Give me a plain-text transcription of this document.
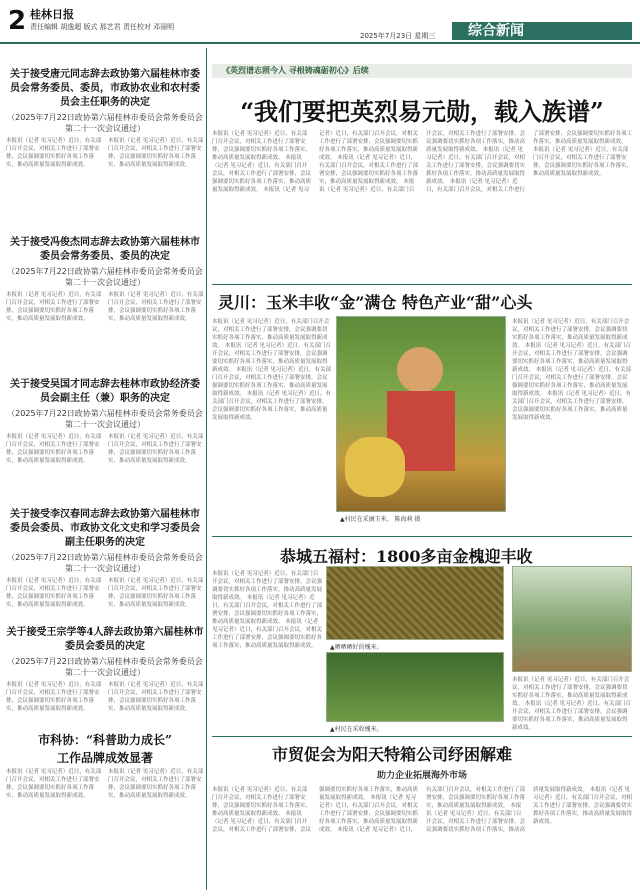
2 桂林日报
责任编辑 胡逸超 版式 那艺君 责任校对 邓丽明
2025年7月23日 星期三	综合新闻
关于接受唐元同志辞去政协第六届桂林市委员会常务委员、委员，市政协农业和农村委员会主任职务的决定
（2025年7月22日政协第六届桂林市委员会常务委员会第二十一次会议通过）
本报讯（记者 见习记者）近日，有关部门召开会议，对相关工作进行了部署安排，会议强调要切实抓好各项工作落实，推动高质量发展取得新成效。
本报讯（记者 见习记者）近日，有关部门召开会议，对相关工作进行了部署安排，会议强调要切实抓好各项工作落实，推动高质量发展取得新成效。
关于接受冯俊杰同志辞去政协第六届桂林市委员会常务委员、委员的决定
（2025年7月22日政协第六届桂林市委员会常务委员会第二十一次会议通过）
本报讯（记者 见习记者）近日，有关部门召开会议，对相关工作进行了部署安排，会议强调要切实抓好各项工作落实，推动高质量发展取得新成效。
本报讯（记者 见习记者）近日，有关部门召开会议，对相关工作进行了部署安排，会议强调要切实抓好各项工作落实，推动高质量发展取得新成效。
关于接受吴国才同志辞去桂林市政协经济委员会副主任（兼）职务的决定
（2025年7月22日政协第六届桂林市委员会常务委员会第二十一次会议通过）
本报讯（记者 见习记者）近日，有关部门召开会议，对相关工作进行了部署安排，会议强调要切实抓好各项工作落实，推动高质量发展取得新成效。
本报讯（记者 见习记者）近日，有关部门召开会议，对相关工作进行了部署安排，会议强调要切实抓好各项工作落实，推动高质量发展取得新成效。
关于接受李汉春同志辞去政协第六届桂林市委员会委员、市政协文化文史和学习委员会副主任职务的决定
（2025年7月22日政协第六届桂林市委员会常务委员会第二十一次会议通过）
本报讯（记者 见习记者）近日，有关部门召开会议，对相关工作进行了部署安排，会议强调要切实抓好各项工作落实，推动高质量发展取得新成效。
本报讯（记者 见习记者）近日，有关部门召开会议，对相关工作进行了部署安排，会议强调要切实抓好各项工作落实，推动高质量发展取得新成效。
关于接受王宗学等4人辞去政协第六届桂林市委员会委员的决定
（2025年7月22日政协第六届桂林市委员会常务委员会第二十一次会议通过）
本报讯（记者 见习记者）近日，有关部门召开会议，对相关工作进行了部署安排，会议强调要切实抓好各项工作落实，推动高质量发展取得新成效。
本报讯（记者 见习记者）近日，有关部门召开会议，对相关工作进行了部署安排，会议强调要切实抓好各项工作落实，推动高质量发展取得新成效。
市科协：“科普助力成长”
工作品牌成效显著
本报讯（记者 见习记者）近日，有关部门召开会议，对相关工作进行了部署安排，会议强调要切实抓好各项工作落实，推动高质量发展取得新成效。
本报讯（记者 见习记者）近日，有关部门召开会议，对相关工作进行了部署安排，会议强调要切实抓好各项工作落实，推动高质量发展取得新成效。
《英烈谱志照今人 寻根铸魂砺初心》后续
“我们要把英烈易元勋，载入族谱”
本报讯（记者 见习记者）近日，有关部门召开会议，对相关工作进行了部署安排，会议强调要切实抓好各项工作落实，推动高质量发展取得新成效。 本报讯（记者 见习记者）近日，有关部门召开会议，对相关工作进行了部署安排，会议强调要切实抓好各项工作落实，推动高质量发展取得新成效。 本报讯（记者 见习记者）近日，有关部门召开会议，对相关工作进行了部署安排，会议强调要切实抓好各项工作落实，推动高质量发展取得新成效。 本报讯（记者 见习记者）近日，有关部门召开会议，对相关工作进行了部署安排，会议强调要切实抓好各项工作落实，推动高质量发展取得新成效。 本报讯（记者 见习记者）近日，有关部门召开会议，对相关工作进行了部署安排，会议强调要切实抓好各项工作落实，推动高质量发展取得新成效。 本报讯（记者 见习记者）近日，有关部门召开会议，对相关工作进行了部署安排，会议强调要切实抓好各项工作落实，推动高质量发展取得新成效。 本报讯（记者 见习记者）近日，有关部门召开会议，对相关工作进行了部署安排，会议强调要切实抓好各项工作落实，推动高质量发展取得新成效。 本报讯（记者 见习记者）近日，有关部门召开会议，对相关工作进行了部署安排，会议强调要切实抓好各项工作落实，推动高质量发展取得新成效。
灵川：玉米丰收“金”满仓 特色产业“甜”心头
本报讯（记者 见习记者）近日，有关部门召开会议，对相关工作进行了部署安排，会议强调要切实抓好各项工作落实，推动高质量发展取得新成效。 本报讯（记者 见习记者）近日，有关部门召开会议，对相关工作进行了部署安排，会议强调要切实抓好各项工作落实，推动高质量发展取得新成效。 本报讯（记者 见习记者）近日，有关部门召开会议，对相关工作进行了部署安排，会议强调要切实抓好各项工作落实，推动高质量发展取得新成效。 本报讯（记者 见习记者）近日，有关部门召开会议，对相关工作进行了部署安排，会议强调要切实抓好各项工作落实，推动高质量发展取得新成效。
▲村民在采摘玉米。 陈海莉 摄
本报讯（记者 见习记者）近日，有关部门召开会议，对相关工作进行了部署安排，会议强调要切实抓好各项工作落实，推动高质量发展取得新成效。 本报讯（记者 见习记者）近日，有关部门召开会议，对相关工作进行了部署安排，会议强调要切实抓好各项工作落实，推动高质量发展取得新成效。 本报讯（记者 见习记者）近日，有关部门召开会议，对相关工作进行了部署安排，会议强调要切实抓好各项工作落实，推动高质量发展取得新成效。 本报讯（记者 见习记者）近日，有关部门召开会议，对相关工作进行了部署安排，会议强调要切实抓好各项工作落实，推动高质量发展取得新成效。
恭城五福村：1800多亩金槐迎丰收
本报讯（记者 见习记者）近日，有关部门召开会议，对相关工作进行了部署安排，会议强调要切实抓好各项工作落实，推动高质量发展取得新成效。 本报讯（记者 见习记者）近日，有关部门召开会议，对相关工作进行了部署安排，会议强调要切实抓好各项工作落实，推动高质量发展取得新成效。 本报讯（记者 见习记者）近日，有关部门召开会议，对相关工作进行了部署安排，会议强调要切实抓好各项工作落实，推动高质量发展取得新成效。	▲晒晒晒好的槐米。
▲村民在采收槐米。
本报讯（记者 见习记者）近日，有关部门召开会议，对相关工作进行了部署安排，会议强调要切实抓好各项工作落实，推动高质量发展取得新成效。 本报讯（记者 见习记者）近日，有关部门召开会议，对相关工作进行了部署安排，会议强调要切实抓好各项工作落实，推动高质量发展取得新成效。
市贸促会为阳天特箱公司纾困解难
助力企业拓展海外市场
本报讯（记者 见习记者）近日，有关部门召开会议，对相关工作进行了部署安排，会议强调要切实抓好各项工作落实，推动高质量发展取得新成效。 本报讯（记者 见习记者）近日，有关部门召开会议，对相关工作进行了部署安排，会议强调要切实抓好各项工作落实，推动高质量发展取得新成效。 本报讯（记者 见习记者）近日，有关部门召开会议，对相关工作进行了部署安排，会议强调要切实抓好各项工作落实，推动高质量发展取得新成效。 本报讯（记者 见习记者）近日，有关部门召开会议，对相关工作进行了部署安排，会议强调要切实抓好各项工作落实，推动高质量发展取得新成效。 本报讯（记者 见习记者）近日，有关部门召开会议，对相关工作进行了部署安排，会议强调要切实抓好各项工作落实，推动高质量发展取得新成效。 本报讯（记者 见习记者）近日，有关部门召开会议，对相关工作进行了部署安排，会议强调要切实抓好各项工作落实，推动高质量发展取得新成效。
